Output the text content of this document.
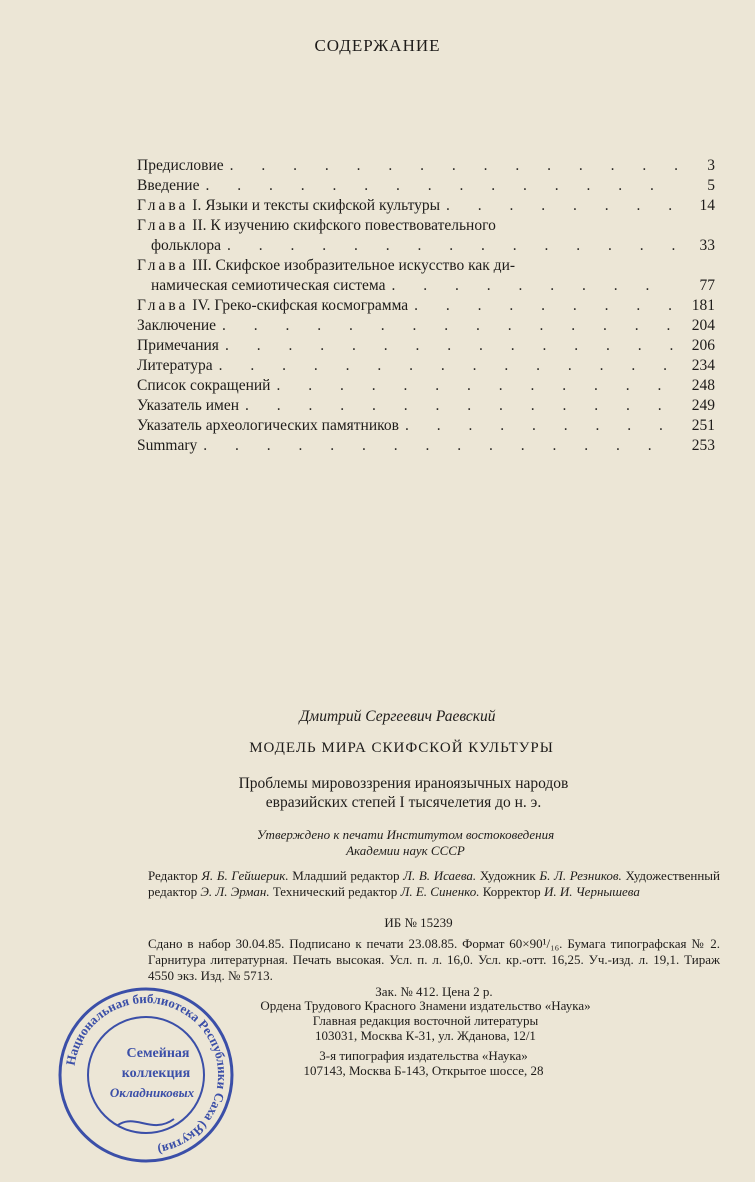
СОДЕРЖАНИЕ
Предисловие . . .	3
Введение . . .	5
Глава I. Языки и тексты скифской культуры . . .	14
Глава II. К изучению скифского повествовательного
фольклора . . .	33
Глава III. Скифское изобразительное искусство как ди-
намическая семиотическая система . . .	77
Глава IV. Греко-скифская космограмма . . .	181
Заключение . . .	204
Примечания . . .	206
Литература . . .	234
Список сокращений . . .	248
Указатель имен . . .	249
Указатель археологических памятников . . .	251
Summary . . .	253
Дмитрий Сергеевич Раевский
МОДЕЛЬ МИРА СКИФСКОЙ КУЛЬТУРЫ
Проблемы мировоззрения ираноязычных народов
евразийских степей I тысячелетия до н. э.
Утверждено к печати Институтом востоковедения
Академии наук СССР
Редактор Я. Б. Гейшерик. Младший редактор Л. В. Исаева. Художник Б. Л. Резников. Художественный редактор Э. Л. Эрман. Технический редактор Л. Е. Синенко. Корректор И. И. Чернышева
ИБ № 15239
Сдано в набор 30.04.85. Подписано к печати 23.08.85. Формат 60×90¹/₁₆. Бумага типографская № 2. Гарнитура литературная. Печать высокая. Усл. п. л. 16,0. Усл. кр.-отт. 16,25. Уч.-изд. л. 19,1. Тираж 4550 экз. Изд. № 5713.
Зак. № 412. Цена 2 р.
Ордена Трудового Красного Знамени издательство «Наука»
Главная редакция восточной литературы
103031, Москва К-31, ул. Жданова, 12/1
3-я типография издательства «Наука»
107143, Москва Б-143, Открытое шоссе, 28
Национальная библиотека Республики Саха (Якутия)
Семейная
коллекция
Окладниковых
